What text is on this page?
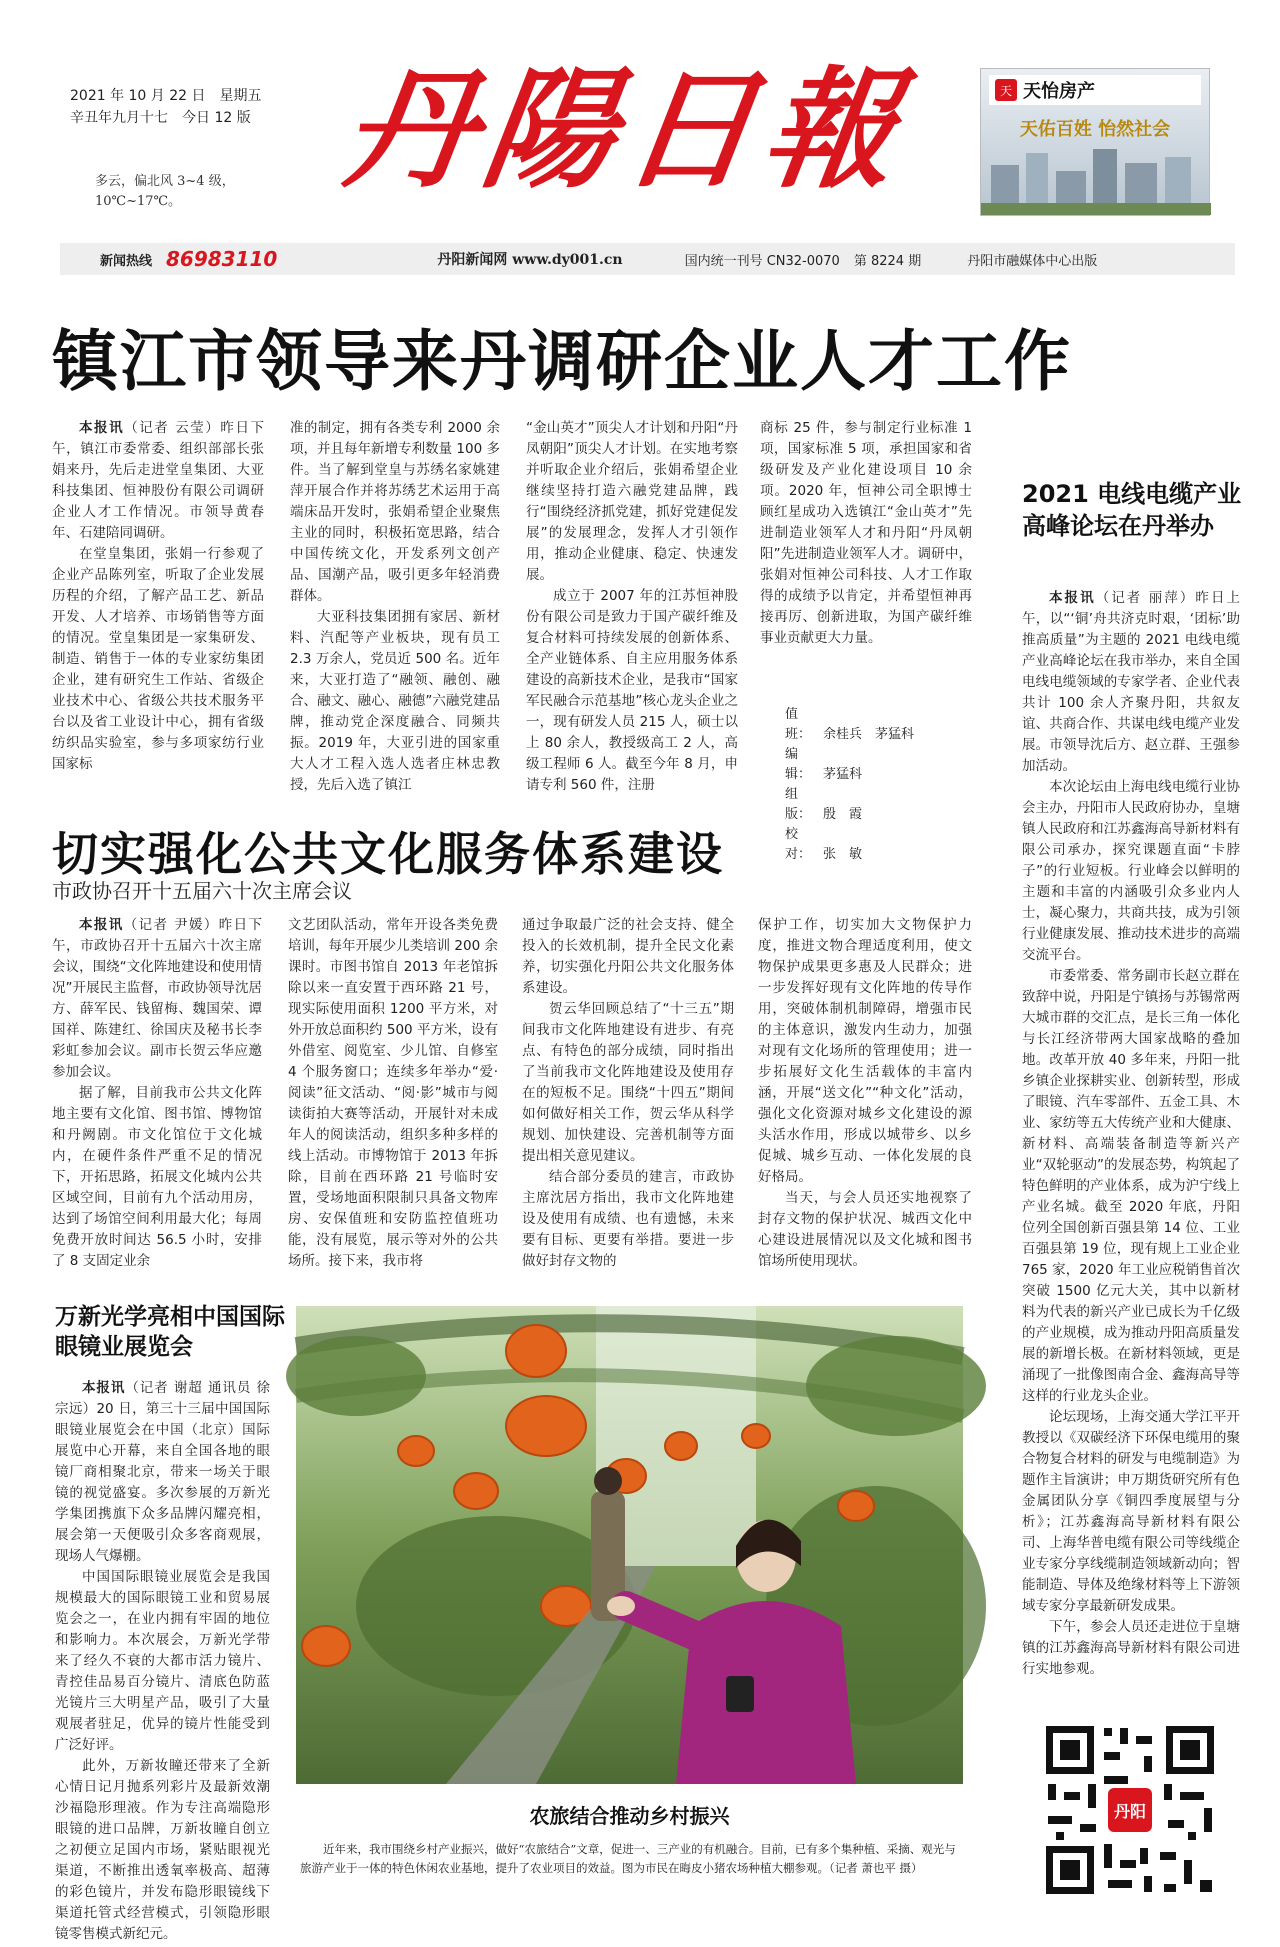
2021 年 10 月 22 日　星期五
辛丑年九月十七　今日 12 版
多云，偏北风 3~4 级，
10℃~17℃。	丹陽日報	天 天怡房产
天佑百姓 怡然社会
新闻热线 86983110	丹阳新闻网 www.dy001.cn	国内统一刊号 CN32-0070 第 8224 期	丹阳市融媒体中心出版
镇江市领导来丹调研企业人才工作

本报讯（记者 云莹）昨日下午，镇江市委常委、组织部部长张娟来丹，先后走进堂皇集团、大亚科技集团、恒神股份有限公司调研企业人才工作情况。市领导黄春年、石建陪同调研。

在堂皇集团，张娟一行参观了企业产品陈列室，听取了企业发展历程的介绍，了解产品工艺、新品开发、人才培养、市场销售等方面的情况。堂皇集团是一家集研发、制造、销售于一体的专业家纺集团企业，建有研究生工作站、省级企业技术中心、省级公共技术服务平台以及省工业设计中心，拥有省级纺织品实验室，参与多项家纺行业国家标

准的制定，拥有各类专利 2000 余项，并且每年新增专利数量 100 多件。当了解到堂皇与苏绣名家姚建萍开展合作并将苏绣艺术运用于高端床品开发时，张娟希望企业聚焦主业的同时，积极拓宽思路，结合中国传统文化，开发系列文创产品、国潮产品，吸引更多年轻消费群体。

大亚科技集团拥有家居、新材料、汽配等产业板块，现有员工 2.3 万余人，党员近 500 名。近年来，大亚打造了“融领、融创、融合、融文、融心、融德”六融党建品牌，推动党企深度融合、同频共振。2019 年，大亚引进的国家重大人才工程入选人选者庄林忠教授，先后入选了镇江

“金山英才”顶尖人才计划和丹阳“丹凤朝阳”顶尖人才计划。在实地考察并听取企业介绍后，张娟希望企业继续坚持打造六融党建品牌，践行“围绕经济抓党建，抓好党建促发展”的发展理念，发挥人才引领作用，推动企业健康、稳定、快速发展。

成立于 2007 年的江苏恒神股份有限公司是致力于国产碳纤维及复合材料可持续发展的创新体系、全产业链体系、自主应用服务体系建设的高新技术企业，是我市“国家军民融合示范基地”核心龙头企业之一，现有研发人员 215 人，硕士以上 80 余人，教授级高工 2 人，高级工程师 6 人。截至今年 8 月，申请专利 560 件，注册

商标 25 件，参与制定行业标准 1 项，国家标准 5 项，承担国家和省级研发及产业化建设项目 10 余项。2020 年，恒神公司全职博士顾红星成功入选镇江“金山英才”先进制造业领军人才和丹阳“丹凤朝阳”先进制造业领军人才。调研中，张娟对恒神公司科技、人才工作取得的成绩予以肯定，并希望恒神再接再厉、创新进取，为国产碳纤维事业贡献更大力量。

值班： 余桂兵　茅猛科
编辑： 茅猛科
组版： 殷　霞
校对： 张　敏
2021 电线电缆产业高峰论坛在丹举办

本报讯（记者 丽萍）昨日上午，以“‘铜’舟共济克时艰，‘团标’助推高质量”为主题的 2021 电线电缆产业高峰论坛在我市举办，来自全国电线电缆领域的专家学者、企业代表共计 100 余人齐聚丹阳，共叙友谊、共商合作、共谋电线电缆产业发展。市领导沈后方、赵立群、王强参加活动。

本次论坛由上海电线电缆行业协会主办，丹阳市人民政府协办，皇塘镇人民政府和江苏鑫海高导新材料有限公司承办，探究课题直面“卡脖子”的行业短板。行业峰会以鲜明的主题和丰富的内涵吸引众多业内人士，凝心聚力，共商共技，成为引领行业健康发展、推动技术进步的高端交流平台。

市委常委、常务副市长赵立群在致辞中说，丹阳是宁镇扬与苏锡常两大城市群的交汇点，是长三角一体化与长江经济带两大国家战略的叠加地。改革开放 40 多年来，丹阳一批乡镇企业探耕实业、创新转型，形成了眼镜、汽车零部件、五金工具、木业、家纺等五大传统产业和大健康、新材料、高端装备制造等新兴产业“双轮驱动”的发展态势，构筑起了特色鲜明的产业体系，成为沪宁线上产业名城。截至 2020 年底，丹阳位列全国创新百强县第 14 位、工业百强县第 19 位，现有规上工业企业 765 家，2020 年工业应税销售首次突破 1500 亿元大关，其中以新材料为代表的新兴产业已成长为千亿级的产业规模，成为推动丹阳高质量发展的新增长极。在新材料领域，更是涌现了一批像图南合金、鑫海高导等这样的行业龙头企业。

论坛现场，上海交通大学江平开教授以《双碳经济下环保电缆用的聚合物复合材料的研发与电缆制造》为题作主旨演讲；申万期货研究所有色金属团队分享《铜四季度展望与分析》；江苏鑫海高导新材料有限公司、上海华普电缆有限公司等线缆企业专家分享线缆制造领域新动向；智能制造、导体及绝缘材料等上下游领域专家分享最新研发成果。

下午，参会人员还走进位于皇塘镇的江苏鑫海高导新材料有限公司进行实地参观。

切实强化公共文化服务体系建设
市政协召开十五届六十次主席会议

本报讯（记者 尹媛）昨日下午，市政协召开十五届六十次主席会议，围绕“文化阵地建设和使用情况”开展民主监督，市政协领导沈居方、薛军民、钱留梅、魏国荣、谭国祥、陈建红、徐国庆及秘书长李彩虹参加会议。副市长贺云华应邀参加会议。

据了解，目前我市公共文化阵地主要有文化馆、图书馆、博物馆和丹阙剧。市文化馆位于文化城内，在硬件条件严重不足的情况下，开拓思路，拓展文化城内公共区域空间，目前有九个活动用房，达到了场馆空间利用最大化；每周免费开放时间达 56.5 小时，安排了 8 支固定业余

文艺团队活动，常年开设各类免费培训，每年开展少儿类培训 200 余课时。市图书馆自 2013 年老馆拆除以来一直安置于西环路 21 号，现实际使用面积 1200 平方米，对外开放总面积约 500 平方米，设有外借室、阅览室、少儿馆、自修室 4 个服务窗口；连续多年举办“爱·阅读”征文活动、“阅·影”城市与阅读街拍大赛等活动，开展针对未成年人的阅读活动，组织多种多样的线上活动。市博物馆于 2013 年拆除，目前在西环路 21 号临时安置，受场地面积限制只具备文物库房、安保值班和安防监控值班功能，没有展览，展示等对外的公共场所。接下来，我市将

通过争取最广泛的社会支持、健全投入的长效机制，提升全民文化素养，切实强化丹阳公共文化服务体系建设。

贺云华回顾总结了“十三五”期间我市文化阵地建设有进步、有亮点、有特色的部分成绩，同时指出了当前我市文化阵地建设及使用存在的短板不足。围绕“十四五”期间如何做好相关工作，贺云华从科学规划、加快建设、完善机制等方面提出相关意见建议。

结合部分委员的建言，市政协主席沈居方指出，我市文化阵地建设及使用有成绩、也有遗憾，未来要有目标、更要有举措。要进一步做好封存文物的

保护工作，切实加大文物保护力度，推进文物合理适度利用，使文物保护成果更多惠及人民群众；进一步发挥好现有文化阵地的传导作用，突破体制机制障碍，增强市民的主体意识，激发内生动力，加强对现有文化场所的管理使用；进一步拓展好文化生活载体的丰富内涵，开展“送文化”“种文化”活动，强化文化资源对城乡文化建设的源头活水作用，形成以城带乡、以乡促城、城乡互动、一体化发展的良好格局。

当天，与会人员还实地视察了封存文物的保护状况、城西文化中心建设进展情况以及文化城和图书馆场所使用现状。

万新光学亮相中国国际眼镜业展览会

本报讯（记者 谢超 通讯员 徐宗远）20 日，第三十三届中国国际眼镜业展览会在中国（北京）国际展览中心开幕，来自全国各地的眼镜厂商相聚北京，带来一场关于眼镜的视觉盛宴。多次参展的万新光学集团携旗下众多品牌闪耀亮相，展会第一天便吸引众多客商观展，现场人气爆棚。

中国国际眼镜业展览会是我国规模最大的国际眼镜工业和贸易展览会之一，在业内拥有牢固的地位和影响力。本次展会，万新光学带来了经久不衰的大都市活力镜片、青控佳品易百分镜片、清底色防蓝光镜片三大明星产品，吸引了大量观展者驻足，优异的镜片性能受到广泛好评。

此外，万新妆瞳还带来了全新心情日记月抛系列彩片及最新效潮沙福隐形理液。作为专注高端隐形眼镜的进口品牌，万新妆瞳自创立之初便立足国内市场，紧贴眼视光渠道，不断推出透氧率极高、超薄的彩色镜片，并发布隐形眼镜线下渠道托管式经营模式，引领隐形眼镜零售模式新纪元。

农旅结合推动乡村振兴
近年来，我市围绕乡村产业振兴，做好“农旅结合”文章，促进一、三产业的有机融合。目前，已有多个集种植、采摘、观光与旅游产业于一体的特色休闲农业基地，提升了农业项目的效益。图为市民在晦皮小猪农场种植大棚参观。（记者 萧也平 摄）
丹阳
